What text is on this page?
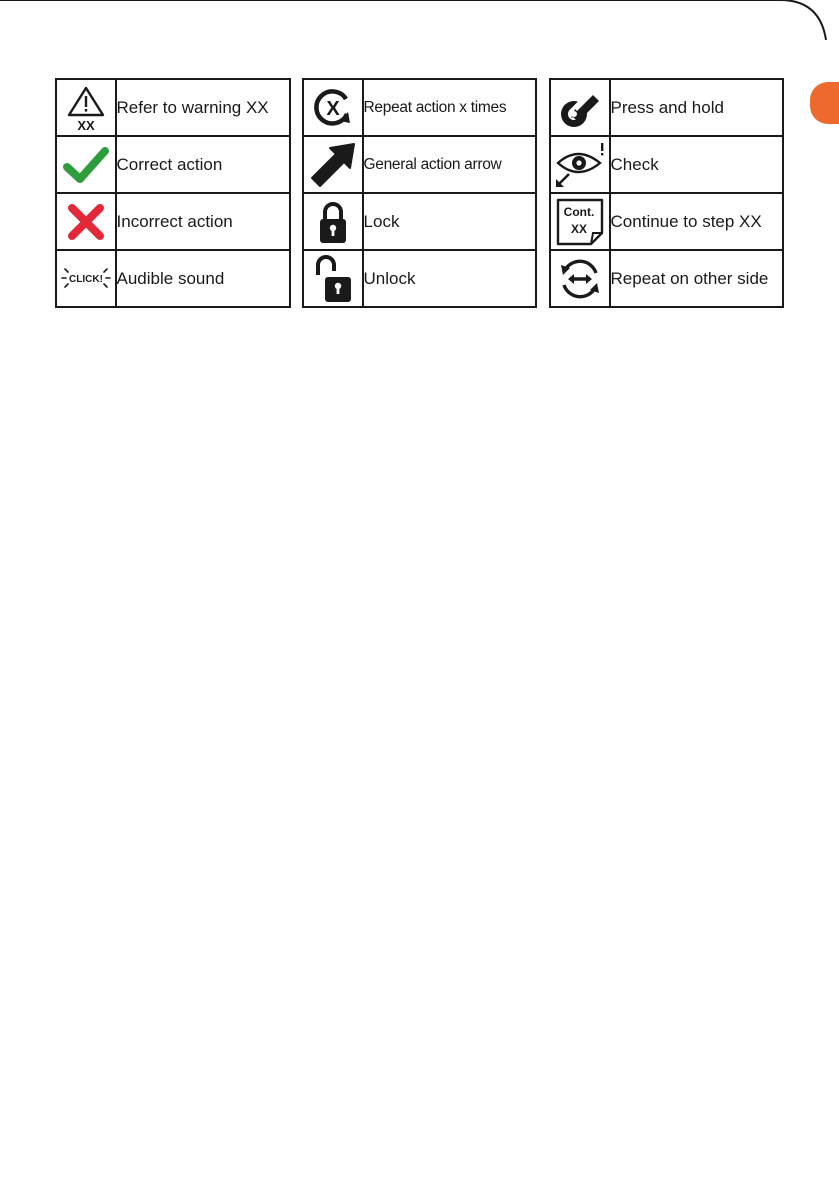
XX	Refer to warning XX

	Correct action

	Incorrect action

CLICK!	Audible sound
X	Repeat action x times

	General action arrow

	Lock

	Unlock
	Press and hold

	Check

Cont.
XX	Continue to step XX

	Repeat on other side
